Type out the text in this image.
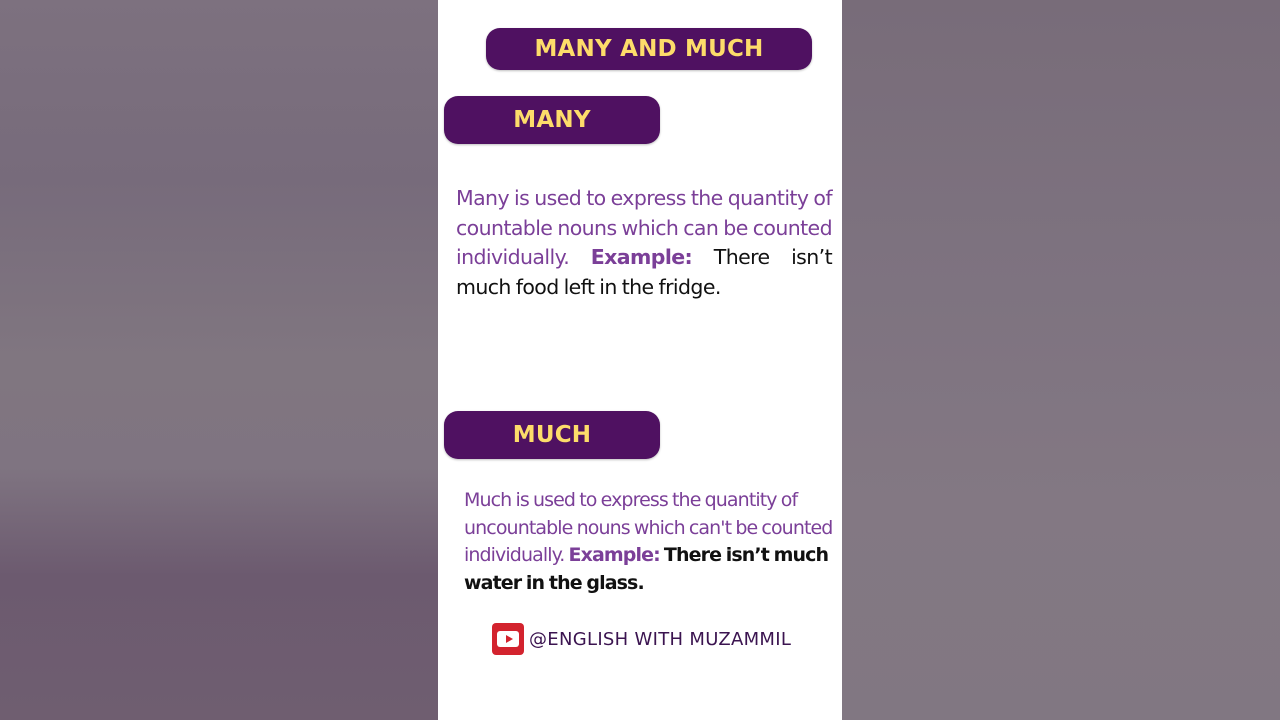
MANY AND MUCH
MANY

Many is used to express the quantity of countable nouns which can be counted individually. Example: There isn’t much food left in the fridge.

MUCH

Much is used to express the quantity of uncountable nouns which can't be counted individually. Example: There isn’t much water in the glass.

@ENGLISH WITH MUZAMMIL
